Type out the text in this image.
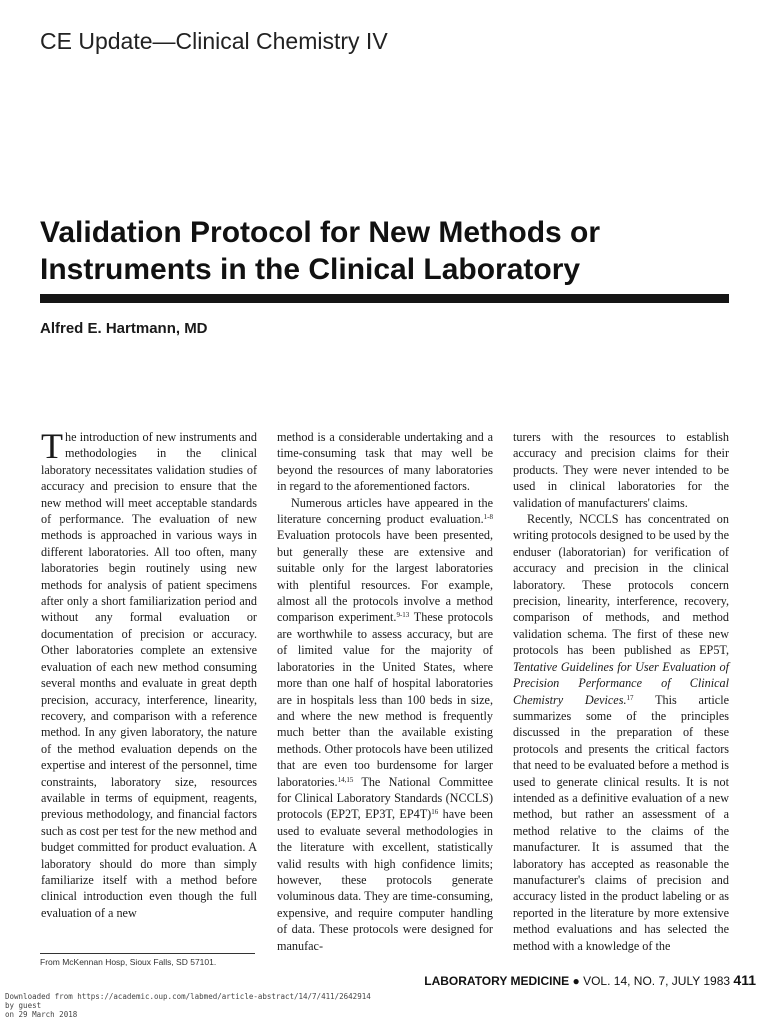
CE Update—Clinical Chemistry IV
Validation Protocol for New Methods or
Instruments in the Clinical Laboratory
Alfred E. Hartmann, MD

The introduction of new instruments and methodologies in the clinical laboratory necessitates validation studies of accuracy and precision to ensure that the new method will meet acceptable standards of performance. The evaluation of new methods is approached in various ways in different laboratories. All too often, many laboratories begin routinely using new methods for analysis of patient specimens after only a short familiarization period and without any formal evaluation or documentation of precision or accuracy. Other laboratories complete an extensive evaluation of each new method consuming several months and evaluate in great depth precision, accuracy, interference, linearity, recovery, and comparison with a reference method. In any given laboratory, the nature of the method evaluation depends on the expertise and interest of the personnel, time constraints, laboratory size, resources available in terms of equipment, reagents, previous methodology, and financial factors such as cost per test for the new method and budget committed for product evaluation. A laboratory should do more than simply familiarize itself with a method before clinical introduction even though the full evaluation of a new

method is a considerable undertaking and a time-consuming task that may well be beyond the resources of many laboratories in regard to the aforementioned factors.

Numerous articles have appeared in the literature concerning product evaluation.$^{1-8}$ Evaluation protocols have been presented, but generally these are extensive and suitable only for the largest laboratories with plentiful resources. For example, almost all the protocols involve a method comparison experiment.$^{9-13}$ These protocols are worthwhile to assess accuracy, but are of limited value for the majority of laboratories in the United States, where more than one half of hospital laboratories are in hospitals less than 100 beds in size, and where the new method is frequently much better than the available existing methods. Other protocols have been utilized that are even too burdensome for larger laboratories.$^{14,15}$ The National Committee for Clinical Laboratory Standards (NCCLS) protocols (EP2T, EP3T, EP4T)$^{16}$ have been used to evaluate several methodologies in the literature with excellent, statistically valid results with high confidence limits; however, these protocols generate voluminous data. They are time-consuming, expensive, and require computer handling of data. These protocols were designed for manufac-

turers with the resources to establish accuracy and precision claims for their products. They were never intended to be used in clinical laboratories for the validation of manufacturers' claims.

Recently, NCCLS has concentrated on writing protocols designed to be used by the enduser (laboratorian) for verification of accuracy and precision in the clinical laboratory. These protocols concern precision, linearity, interference, recovery, comparison of methods, and method validation schema. The first of these new protocols has been published as EP5T, Tentative Guidelines for User Evaluation of Precision Performance of Clinical Chemistry Devices.$^{17}$ This article summarizes some of the principles discussed in the preparation of these protocols and presents the critical factors that need to be evaluated before a method is used to generate clinical results. It is not intended as a definitive evaluation of a new method, but rather an assessment of a method relative to the claims of the manufacturer. It is assumed that the laboratory has accepted as reasonable the manufacturer's claims of precision and accuracy listed in the product labeling or as reported in the literature by more extensive method evaluations and has selected the method with a knowledge of the

From McKennan Hosp, Sioux Falls, SD 57101.
LABORATORY MEDICINE ● VOL. 14, NO. 7, JULY 1983 411
Downloaded from https://academic.oup.com/labmed/article-abstract/14/7/411/2642914
by guest
on 29 March 2018
